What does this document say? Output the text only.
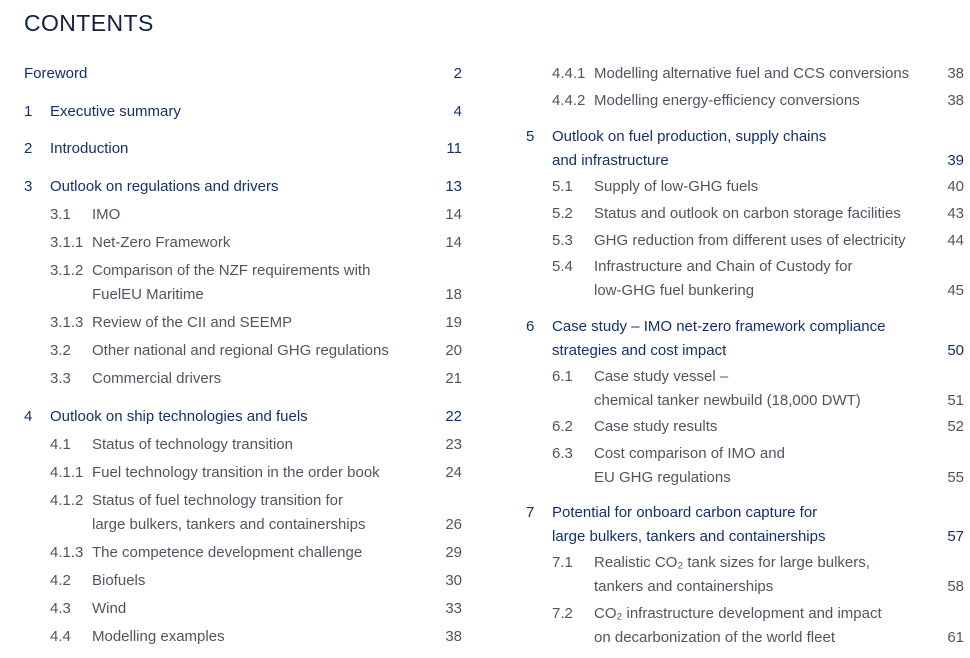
CONTENTS
Foreword	2
1 Executive summary	4
2 Introduction	11
3 Outlook on regulations and drivers	13
3.1 IMO	14
3.1.1 Net-Zero Framework	14
3.1.2 Comparison of the NZF requirements with
FuelEU Maritime	18
3.1.3 Review of the CII and SEEMP	19
3.2 Other national and regional GHG regulations	20
3.3 Commercial drivers	21
4 Outlook on ship technologies and fuels	22
4.1 Status of technology transition	23
4.1.1 Fuel technology transition in the order book	24
4.1.2 Status of fuel technology transition for
large bulkers, tankers and containerships	26
4.1.3 The competence development challenge	29
4.2 Biofuels	30
4.3 Wind	33
4.4 Modelling examples	38
4.4.1 Modelling alternative fuel and CCS conversions	38
4.4.2 Modelling energy-efficiency conversions	38
5 Outlook on fuel production, supply chains
and infrastructure	39
5.1 Supply of low-GHG fuels	40
5.2 Status and outlook on carbon storage facilities	43
5.3 GHG reduction from different uses of electricity	44
5.4 Infrastructure and Chain of Custody for
low-GHG fuel bunkering	45
6 Case study – IMO net-zero framework compliance
strategies and cost impact	50
6.1 Case study vessel –
chemical tanker newbuild (18,000 DWT)	51
6.2 Case study results	52
6.3 Cost comparison of IMO and
EU GHG regulations	55
7 Potential for onboard carbon capture for
large bulkers, tankers and containerships	57
7.1 Realistic CO₂ tank sizes for large bulkers,
tankers and containerships	58
7.2 CO₂ infrastructure development and impact
on decarbonization of the world fleet	61
